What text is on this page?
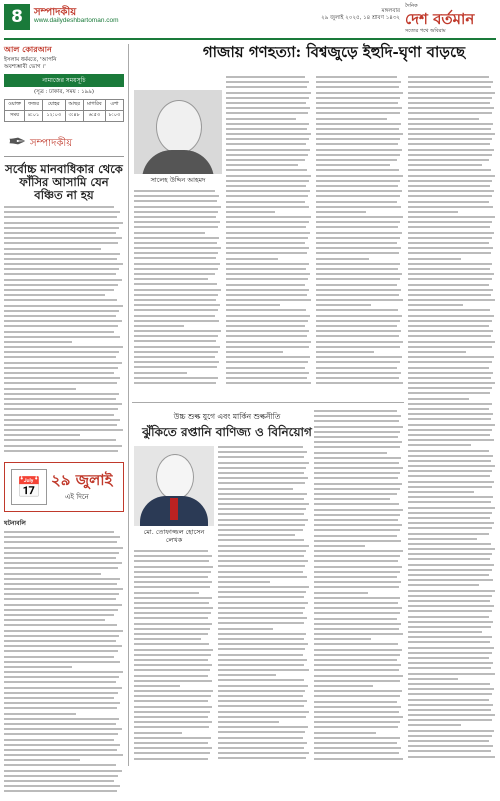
8	সম্পাদকীয়
www.dailydeshbartoman.com
মঙ্গলবার
২৯ জুলাই ২০২৫, ১৪ শ্রাবণ ১৪৩২
দৈনিক
দেশ বর্তমান
সত্যের পথে অবিরাম
আল কোরআন
ইসলাম ধর্মমতে, 'আপনি
অবশ্যম্ভাবী ভোগ ।'
নামাজের সময়সূচি
(সূত্র : ঢাকার, সময় : ১৯৯)
ওয়াক্ত	ফজর	যোহর	আছর	মাগরিব	এশা
সময়	৪:০১	১২:০৩	৩:৪৮	৬:৫৩	৮:০৩
✒ সম্পাদকীয়
সর্বোচ্চ মানবাধিকার থেকে ফাঁসির আসামি যেন বঞ্চিত না হয়
📅 ২৯ জুলাই
এই দিনে
ঘটনাবলি
গাজায় গণহত্যা: বিশ্বজুড়ে ইহুদি-ঘৃণা বাড়ছে
সালেহ উদ্দিন আহমদ
উচ্চ শুল্ক যুগে এবং মার্কিন শুল্কনীতি
ঝুঁকিতে রপ্তানি বাণিজ্য ও বিনিয়োগ
মো. তোফাজ্জল হোসেন
লেখক
